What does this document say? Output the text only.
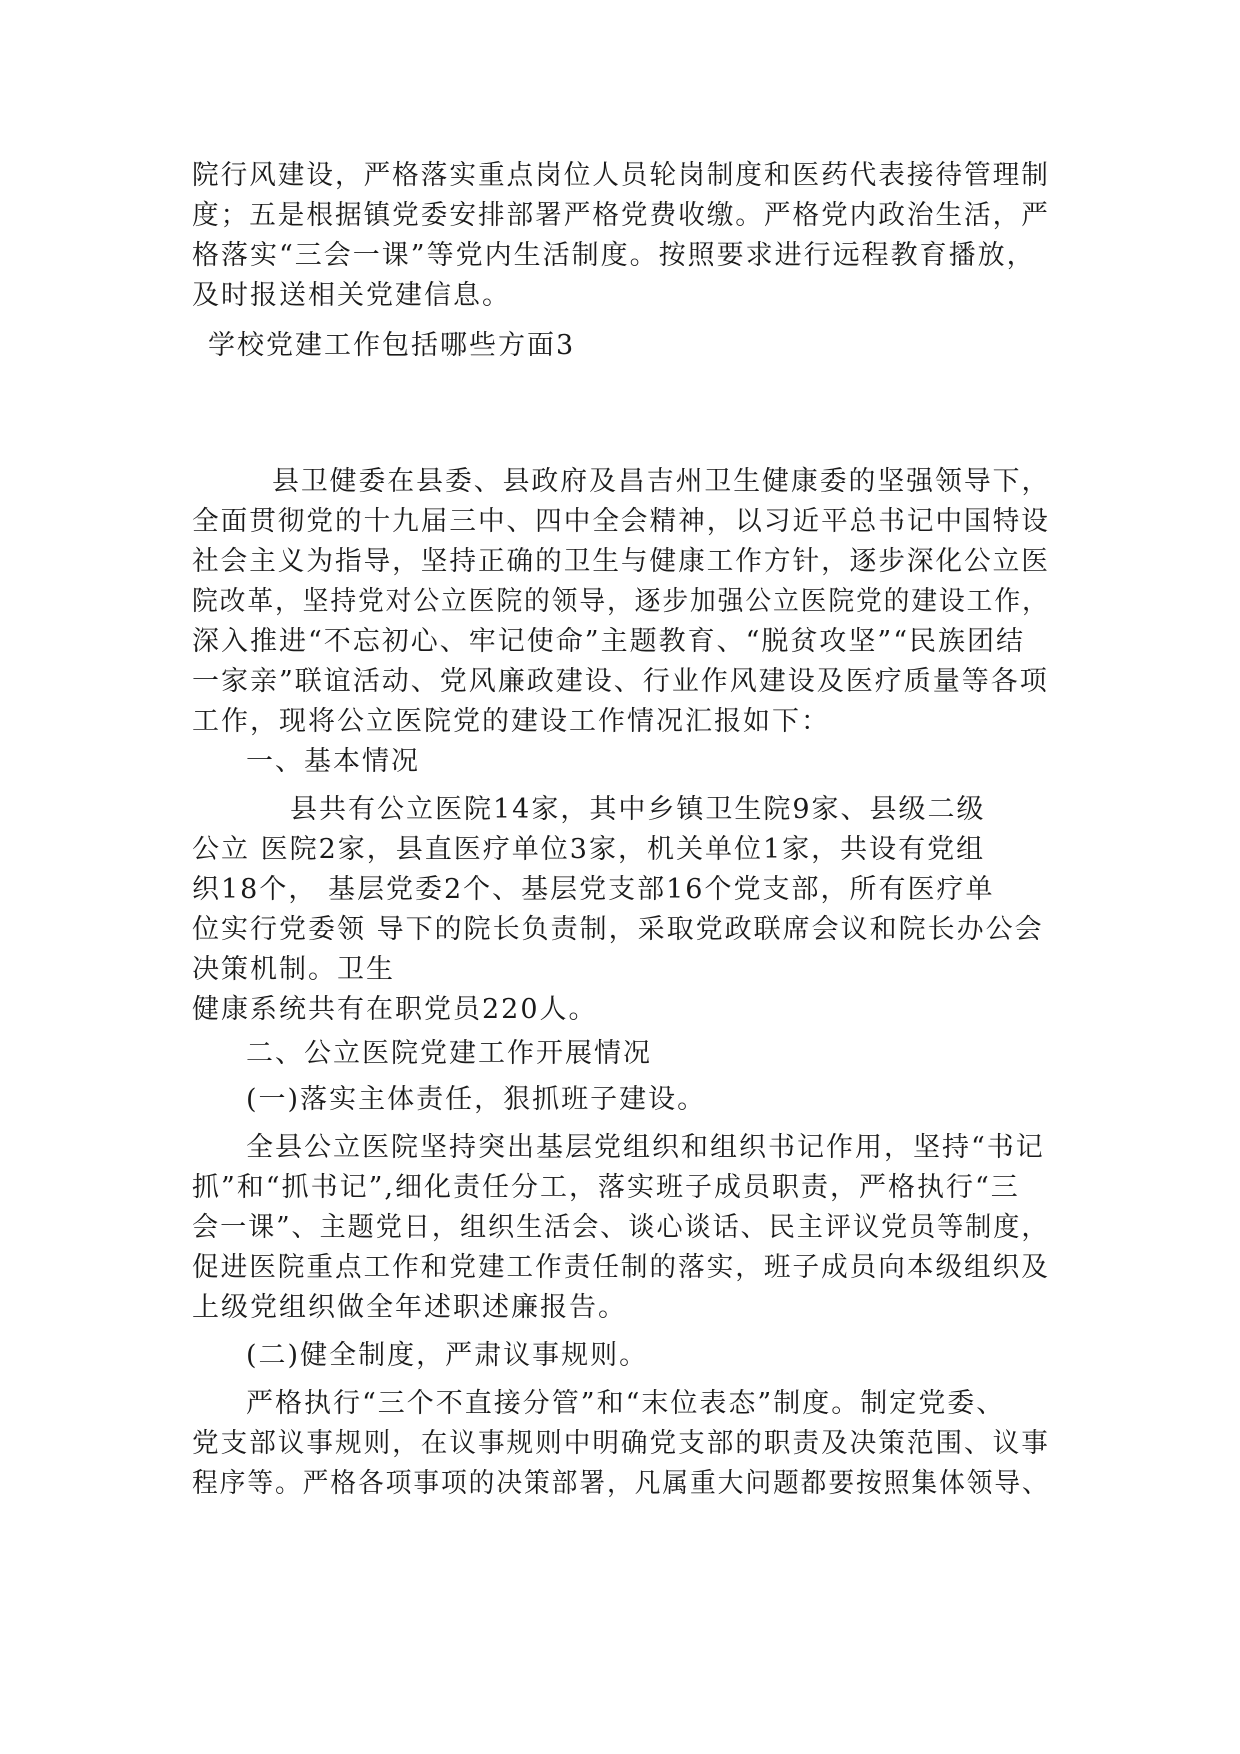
院行风建设，严格落实重点岗位人员轮岗制度和医药代表接待管理制
度；五是根据镇党委安排部署严格党费收缴。严格党内政治生活，严
格落实“三会一课”等党内生活制度。按照要求进行远程教育播放，
及时报送相关党建信息。
学校党建工作包括哪些方面3
县卫健委在县委、县政府及昌吉州卫生健康委的坚强领导下，
全面贯彻党的十九届三中、四中全会精神，以习近平总书记中国特设
社会主义为指导，坚持正确的卫生与健康工作方针，逐步深化公立医
院改革，坚持党对公立医院的领导，逐步加强公立医院党的建设工作，
深入推进“不忘初心、牢记使命”主题教育、“脱贫攻坚”“民族团结
一家亲”联谊活动、党风廉政建设、行业作风建设及医疗质量等各项
工作，现将公立医院党的建设工作情况汇报如下：
一、基本情况
县共有公立医院14家，其中乡镇卫生院9家、县级二级
公立 医院2家，县直医疗单位3家，机关单位1家，共设有党组
织18个， 基层党委2个、基层党支部16个党支部，所有医疗单
位实行党委领 导下的院长负责制，采取党政联席会议和院长办公会
决策机制。卫生
健康系统共有在职党员220人。
二、公立医院党建工作开展情况
(一)落实主体责任，狠抓班子建设。
全县公立医院坚持突出基层党组织和组织书记作用，坚持“书记
抓”和“抓书记”,细化责任分工，落实班子成员职责，严格执行“三
会一课”、主题党日，组织生活会、谈心谈话、民主评议党员等制度，
促进医院重点工作和党建工作责任制的落实，班子成员向本级组织及
上级党组织做全年述职述廉报告。
(二)健全制度，严肃议事规则。
严格执行“三个不直接分管”和“末位表态”制度。制定党委、
党支部议事规则，在议事规则中明确党支部的职责及决策范围、议事
程序等。严格各项事项的决策部署，凡属重大问题都要按照集体领导、
